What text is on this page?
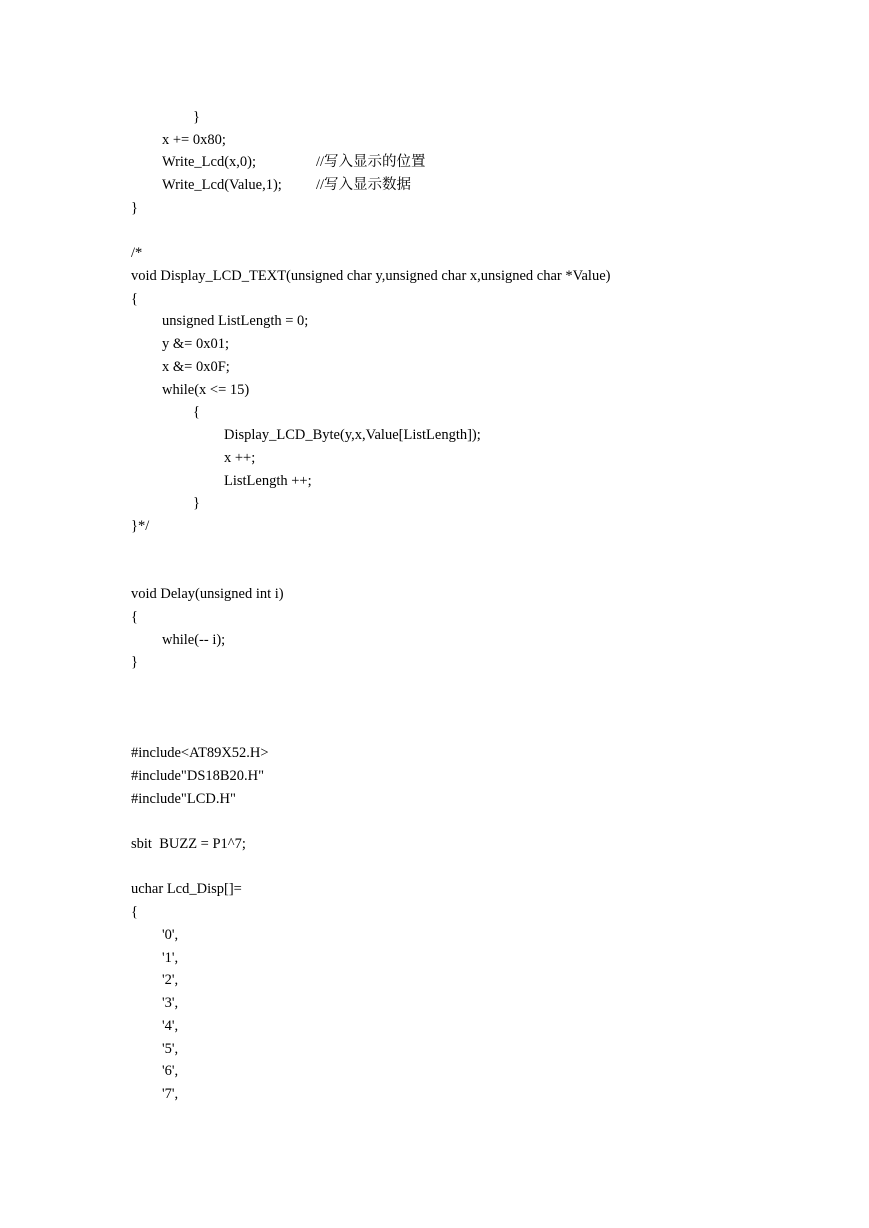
}
x += 0x80;
Write_Lcd(x,0);	//写入显示的位置
Write_Lcd(Value,1); //写入显示数据
}
/*
void Display_LCD_TEXT(unsigned char y,unsigned char x,unsigned char *Value)
{
unsigned ListLength = 0;
y &= 0x01;
x &= 0x0F;
while(x <= 15)
{
Display_LCD_Byte(y,x,Value[ListLength]);
x ++;
ListLength ++;
}
}*/
void Delay(unsigned int i)
{
while(-- i);
}
#include<AT89X52.H>
#include"DS18B20.H"
#include"LCD.H"
sbit  BUZZ = P1^7;
uchar Lcd_Disp[]=
{
'0',
'1',
'2',
'3',
'4',
'5',
'6',
'7',
